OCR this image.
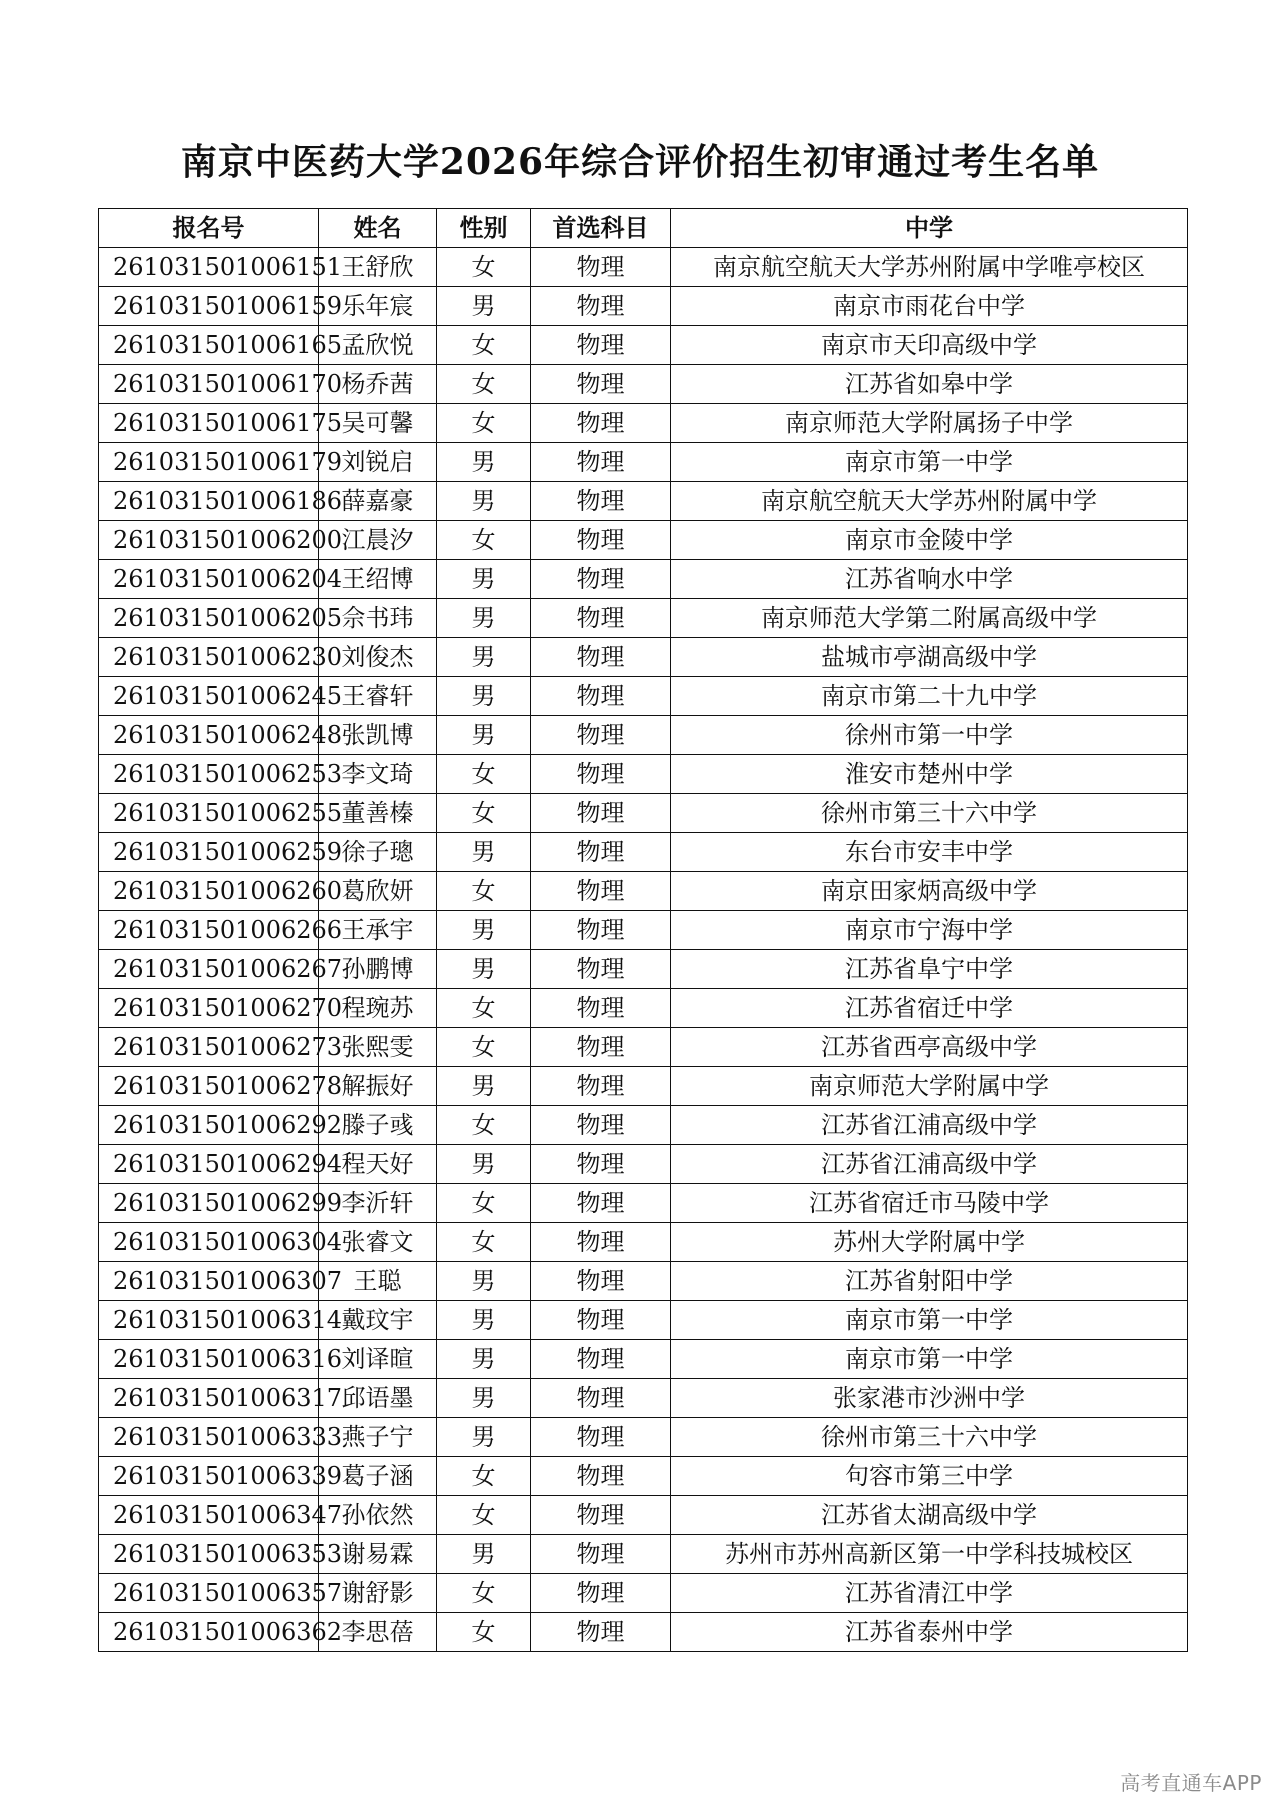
南京中医药大学2026年综合评价招生初审通过考生名单
报名号	姓名	性别	首选科目	中学
261031501006151	王舒欣	女	物理	南京航空航天大学苏州附属中学唯亭校区
261031501006159	乐年宸	男	物理	南京市雨花台中学
261031501006165	孟欣悦	女	物理	南京市天印高级中学
261031501006170	杨乔茜	女	物理	江苏省如皋中学
261031501006175	吴可馨	女	物理	南京师范大学附属扬子中学
261031501006179	刘锐启	男	物理	南京市第一中学
261031501006186	薛嘉豪	男	物理	南京航空航天大学苏州附属中学
261031501006200	江晨汐	女	物理	南京市金陵中学
261031501006204	王绍博	男	物理	江苏省响水中学
261031501006205	佘书玮	男	物理	南京师范大学第二附属高级中学
261031501006230	刘俊杰	男	物理	盐城市亭湖高级中学
261031501006245	王睿轩	男	物理	南京市第二十九中学
261031501006248	张凯博	男	物理	徐州市第一中学
261031501006253	李文琦	女	物理	淮安市楚州中学
261031501006255	董善榛	女	物理	徐州市第三十六中学
261031501006259	徐子璁	男	物理	东台市安丰中学
261031501006260	葛欣妍	女	物理	南京田家炳高级中学
261031501006266	王承宇	男	物理	南京市宁海中学
261031501006267	孙鹏博	男	物理	江苏省阜宁中学
261031501006270	程琬苏	女	物理	江苏省宿迁中学
261031501006273	张熙雯	女	物理	江苏省西亭高级中学
261031501006278	解振好	男	物理	南京师范大学附属中学
261031501006292	滕子彧	女	物理	江苏省江浦高级中学
261031501006294	程天好	男	物理	江苏省江浦高级中学
261031501006299	李沂轩	女	物理	江苏省宿迁市马陵中学
261031501006304	张睿文	女	物理	苏州大学附属中学
261031501006307	王聪	男	物理	江苏省射阳中学
261031501006314	戴玟宇	男	物理	南京市第一中学
261031501006316	刘译暄	男	物理	南京市第一中学
261031501006317	邱语墨	男	物理	张家港市沙洲中学
261031501006333	燕子宁	男	物理	徐州市第三十六中学
261031501006339	葛子涵	女	物理	句容市第三中学
261031501006347	孙依然	女	物理	江苏省太湖高级中学
261031501006353	谢易霖	男	物理	苏州市苏州高新区第一中学科技城校区
261031501006357	谢舒影	女	物理	江苏省清江中学
261031501006362	李思蓓	女	物理	江苏省泰州中学
高考直通车APP
